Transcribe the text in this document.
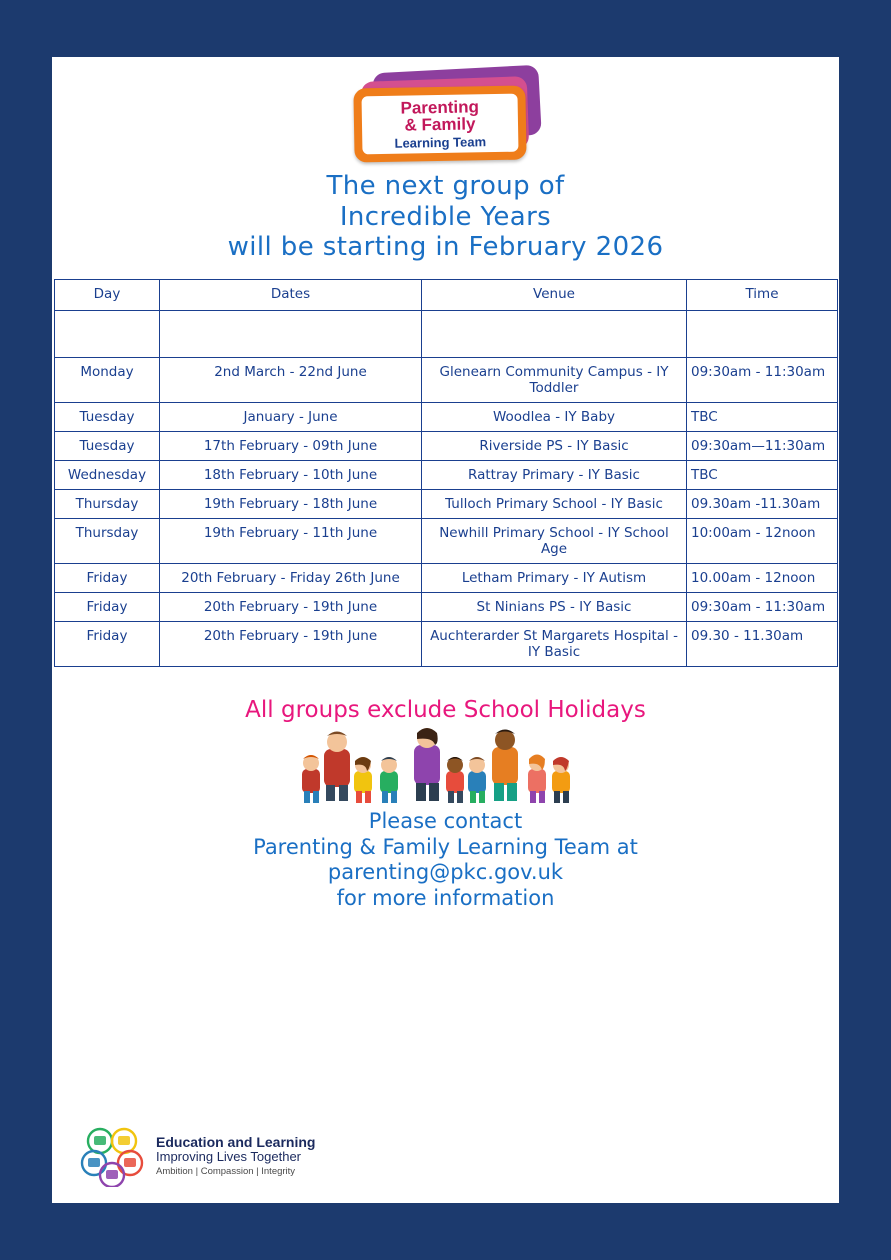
Parenting
& Family
Learning Team
The next group of
Incredible Years
will be starting in February 2026
Day	Dates	Venue	Time

Monday	2nd March - 22nd June	Glenearn Community Campus - IY Toddler	09:30am - 11:30am
Tuesday	January - June	Woodlea - IY Baby	TBC
Tuesday	17th February - 09th June	Riverside PS - IY Basic	09:30am—11:30am
Wednesday	18th February - 10th June	Rattray Primary - IY Basic	TBC
Thursday	19th February - 18th June	Tulloch Primary School - IY Basic	09.30am -11.30am
Thursday	19th February - 11th June	Newhill Primary School - IY School Age	10:00am - 12noon
Friday	20th February - Friday 26th June	Letham Primary - IY Autism	10.00am - 12noon
Friday	20th February - 19th June	St Ninians PS - IY Basic	09:30am - 11:30am
Friday	20th February - 19th June	Auchterarder St Margarets Hospital - IY Basic	09.30 - 11.30am
All groups exclude School Holidays
Please contact
Parenting & Family Learning Team at
parenting@pkc.gov.uk
for more information
Education and Learning
Improving Lives Together
Ambition | Compassion | Integrity
